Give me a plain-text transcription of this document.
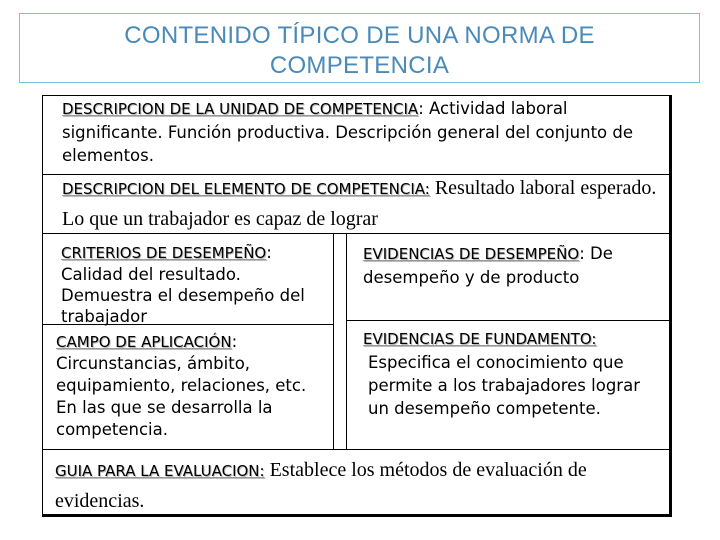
CONTENIDO TÍPICO DE UNA NORMA DE
COMPETENCIA
DESCRIPCION DE LA UNIDAD DE COMPETENCIA: Actividad laboral significante. Función productiva. Descripción general del conjunto de elementos.
DESCRIPCION DEL ELEMENTO DE COMPETENCIA: Resultado laboral esperado. Lo que un trabajador es capaz de lograr
CRITERIOS DE DESEMPEÑO:
Calidad del resultado. Demuestra el desempeño del trabajador
CAMPO DE APLICACIÓN:
Circunstancias, ámbito, equipamiento, relaciones, etc. En las que se desarrolla la competencia.
EVIDENCIAS DE DESEMPEÑO: De desempeño y de producto
EVIDENCIAS DE FUNDAMENTO:
Especifica el conocimiento que permite a los trabajadores lograr un desempeño competente.
GUIA PARA LA EVALUACION: Establece los métodos de evaluación de evidencias.
